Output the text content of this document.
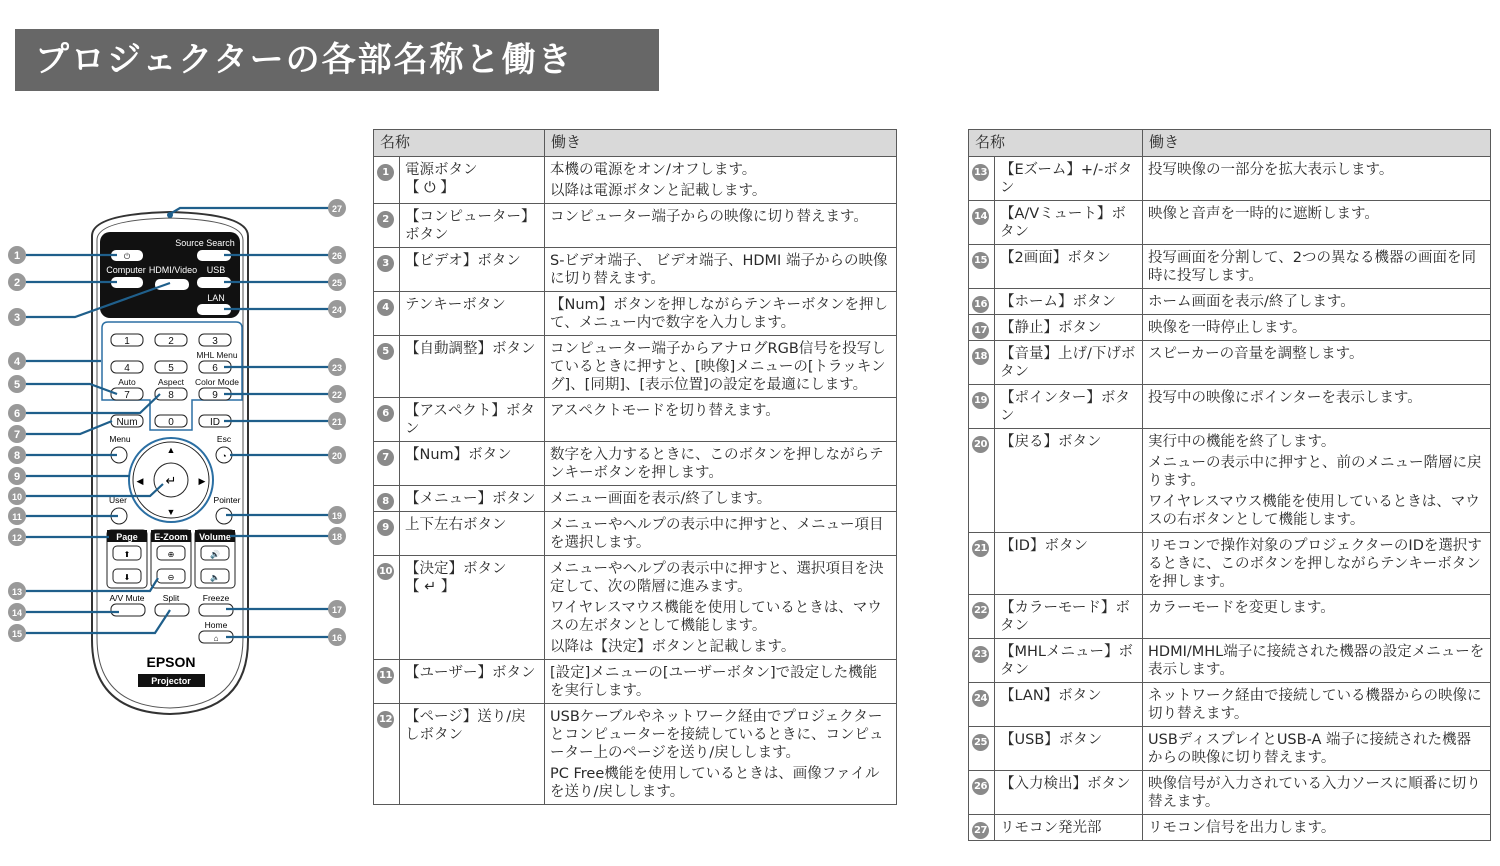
プロジェクターの各部名称と働き
Source Search
Computer HDMI/Video USB
LAN
⏻
1	2	3
MHL Menu
4	5	6
Auto	Aspect Color Mode
7	8	9
Num	0	ID
Menu	Esc
◔
↵
▲
▼
◀	▶
User	Pointer
Page
⬆
⬇
E-Zoom
⊕
⊖
Volume
🔊
🔈
A/V Mute Split	Freeze
Home
⌂
EPSON
Projector
1
2
3
4
5
6
7
8
9
10
11
12
13
14
15
27
26
25
24
23
22
21
20
19
18
17
16
名称		働き
1	電源ボタン
【 ⏻ 】

本機の電源をオン/オフします。

以降は電源ボタンと記載します。

2	【コンピューター】ボタン	コンピューター端子からの映像に切り替えます。

3	【ビデオ】ボタン	S-ビデオ端子、 ビデオ端子、HDMI 端子からの映像に切り替えます。

4	テンキーボタン	【Num】ボタンを押しながらテンキーボタンを押して、メニュー内で数字を入力します。

5	【自動調整】ボタン	コンピューター端子からアナログRGB信号を投写しているときに押すと、[映像]メニューの[トラッキング]、[同期]、[表示位置]の設定を最適にします。

6	【アスペクト】ボタン	アスペクトモードを切り替えます。

7	【Num】ボタン	数字を入力するときに、このボタンを押しながらテンキーボタンを押します。

8	【メニュー】ボタン	メニュー画面を表示/終了します。

9	上下左右ボタン	メニューやヘルプの表示中に押すと、メニュー項目を選択します。

10	【決定】ボタン
【 ↵ 】

メニューやヘルプの表示中に押すと、選択項目を決定して、次の階層に進みます。

ワイヤレスマウス機能を使用しているときは、マウスの左ボタンとして機能します。

以降は【決定】ボタンと記載します。

11	【ユーザー】ボタン	[設定]メニューの[ユーザーボタン]で設定した機能を実行します。

12	【ページ】送り/戻しボタン	USBケーブルやネットワーク経由でプロジェクターとコンピューターを接続しているときに、コンピューター上のページを送り/戻しします。

PC Free機能を使用しているときは、画像ファイルを送り/戻しします。

名称		働き
13	【Eズーム】+/-ボタン	投写映像の一部分を拡大表示します。

14	【A/Vミュート】ボタン	映像と音声を一時的に遮断します。

15	【2画面】ボタン	投写画面を分割して、2つの異なる機器の画面を同時に投写します。

16	【ホーム】ボタン	ホーム画面を表示/終了します。

17	【静止】ボタン	映像を一時停止します。

18	【音量】上げ/下げボタン	スピーカーの音量を調整します。

19	【ポインター】ボタン	投写中の映像にポインターを表示します。

20	【戻る】ボタン	実行中の機能を終了します。

メニューの表示中に押すと、前のメニュー階層に戻ります。

ワイヤレスマウス機能を使用しているときは、マウスの右ボタンとして機能します。

21	【ID】ボタン	リモコンで操作対象のプロジェクターのIDを選択するときに、このボタンを押しながらテンキーボタンを押します。

22	【カラーモード】ボタン	カラーモードを変更します。

23	【MHLメニュー】ボタン	HDMI/MHL端子に接続された機器の設定メニューを表示します。

24	【LAN】ボタン	ネットワーク経由で接続している機器からの映像に切り替えます。

25	【USB】ボタン	USBディスプレイとUSB-A 端子に接続された機器からの映像に切り替えます。

26	【入力検出】ボタン	映像信号が入力されている入力ソースに順番に切り替えます。

27	リモコン発光部	リモコン信号を出力します。
